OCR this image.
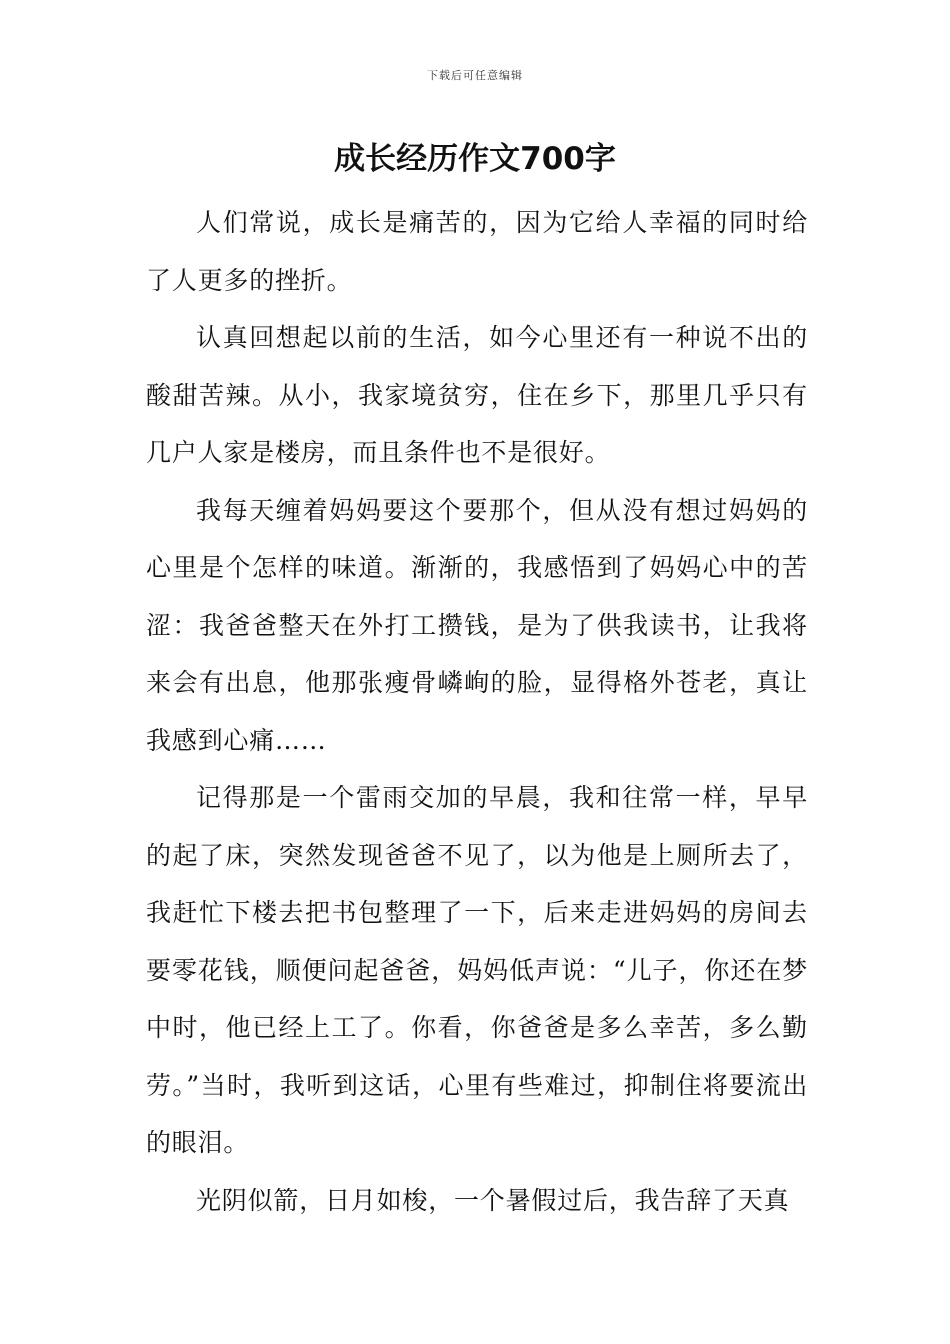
下载后可任意编辑
成长经历作文700字

人们常说，成长是痛苦的，因为它给人幸福的同时给了人更多的挫折。

认真回想起以前的生活，如今心里还有一种说不出的酸甜苦辣。从小，我家境贫穷，住在乡下，那里几乎只有几户人家是楼房，而且条件也不是很好。

我每天缠着妈妈要这个要那个，但从没有想过妈妈的心里是个怎样的味道。渐渐的，我感悟到了妈妈心中的苦涩：我爸爸整天在外打工攒钱，是为了供我读书，让我将来会有出息，他那张瘦骨嶙峋的脸，显得格外苍老，真让我感到心痛……

记得那是一个雷雨交加的早晨，我和往常一样，早早的起了床，突然发现爸爸不见了，以为他是上厕所去了，我赶忙下楼去把书包整理了一下，后来走进妈妈的房间去要零花钱，顺便问起爸爸，妈妈低声说：“儿子，你还在梦中时，他已经上工了。你看，你爸爸是多么幸苦，多么勤劳。”当时，我听到这话，心里有些难过，抑制住将要流出的眼泪。

光阴似箭，日月如梭，一个暑假过后，我告辞了天真
